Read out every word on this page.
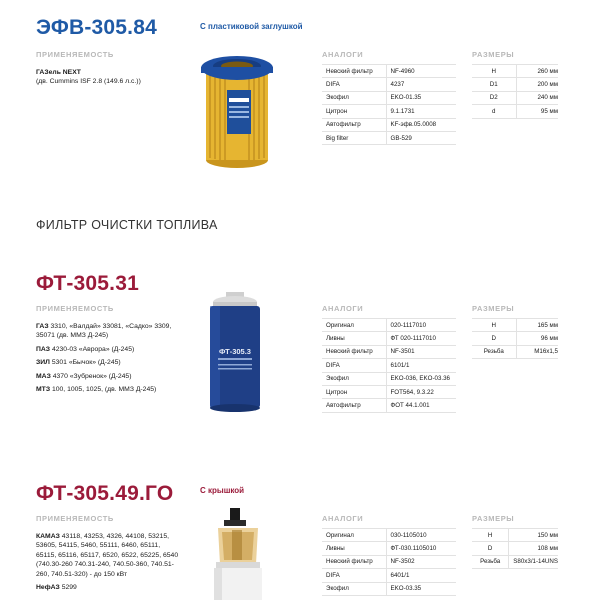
ЭФВ-305.84	С пластиковой заглушкой
ПРИМЕНЯЕМОСТЬ	АНАЛОГИ	РАЗМЕРЫ
ГАЗель NEXT
(дв. Cummins ISF 2.8 (149.6 л.с.))
Невский фильтр	NF-4960
DIFA	4237
Экофил	EKO-01.35
Цитрон	9.1.1731
Автофильтр	KF-эфв.05.0008
Big filter	GB-529
H	260 мм
D1	200 мм
D2	240 мм
d	95 мм
ФИЛЬТР ОЧИСТКИ ТОПЛИВА
ФТ-305.31
ПРИМЕНЯЕМОСТЬ	АНАЛОГИ	РАЗМЕРЫ
ГАЗ 3310, «Валдай» 33081, «Садко» 3309, 35071 (дв. ММЗ Д-245)
ПАЗ 4230-03 «Аврора» (Д-245)
ЗИЛ 5301 «Бычок» (Д-245)
МАЗ 4370 «Зубренок» (Д-245)
МТЗ 100, 1005, 1025, (дв. ММЗ Д-245)
ФТ-305.3
Оригинал	020-1117010
Ливны	ФТ 020-1117010
Невский фильтр	NF-3501
DIFA	6101/1
Экофил	EKO-036, EKO-03.36
Цитрон	FOT564, 9.3.22
Автофильтр	ФОТ 44.1.001
H	165 мм
D	96 мм
Резьба	M16x1,5
ФТ-305.49.ГО	С крышкой
ПРИМЕНЯЕМОСТЬ	АНАЛОГИ	РАЗМЕРЫ
КАМАЗ 43118, 43253, 4326, 44108, 53215, 53605, 54115, 5460, 55111, 6460, 65111, 65115, 65116, 65117, 6520, 6522, 65225, 6540 (740.30-260 740.31-240, 740.50-360, 740.51-260, 740.51-320) - до 150 кВт
НефАЗ 5299
Оригинал	030-1105010
Ливны	ФТ-030.1105010
Невский фильтр	NF-3502
DIFA	6401/1
Экофил	EKO-03.35
H	150 мм
D	108 мм
Резьба	S80x3/1-14UNS
